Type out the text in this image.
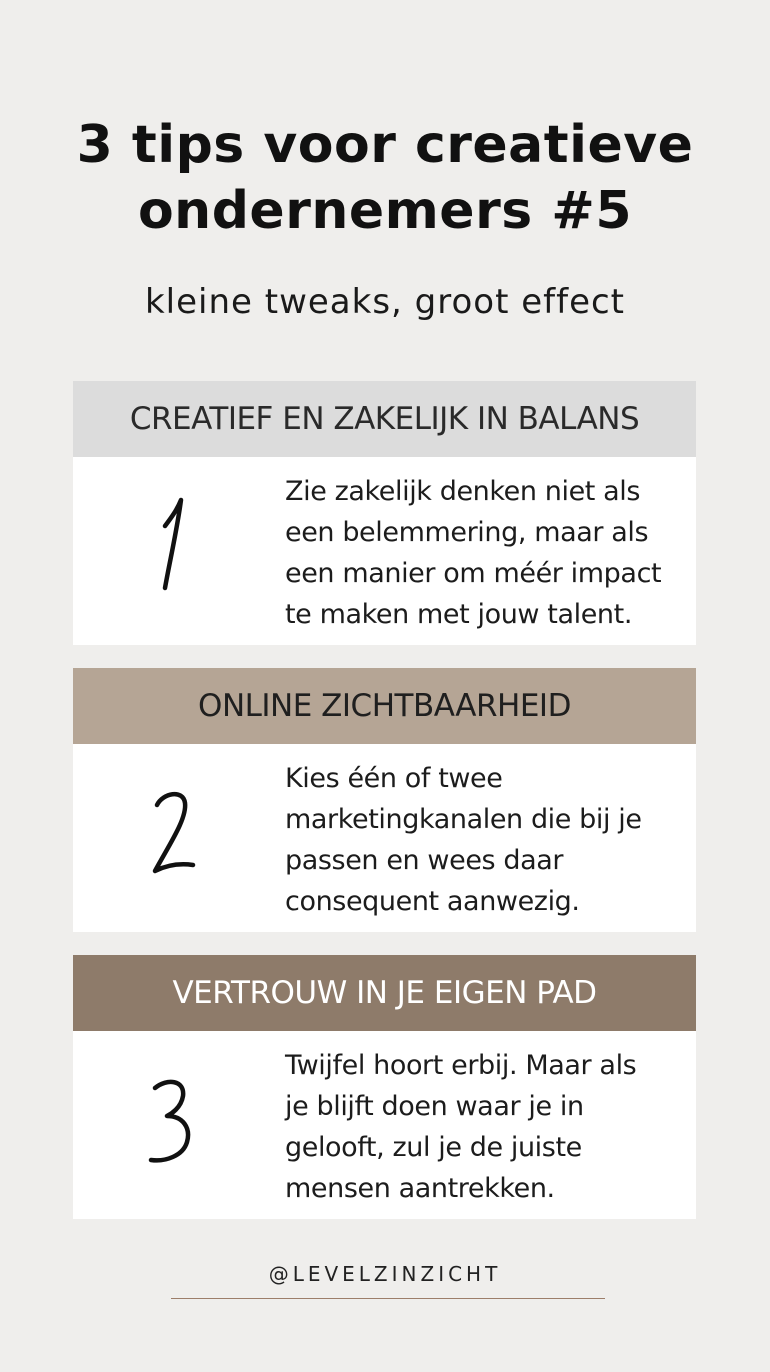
3 tips voor creatieve
ondernemers #5
kleine tweaks, groot effect
CREATIEF EN ZAKELIJK IN BALANS
Zie zakelijk denken niet als
een belemmering, maar als
een manier om méér impact
te maken met jouw talent.
ONLINE ZICHTBAARHEID
Kies één of twee
marketingkanalen die bij je
passen en wees daar
consequent aanwezig.
VERTROUW IN JE EIGEN PAD
Twijfel hoort erbij. Maar als
je blijft doen waar je in
gelooft, zul je de juiste
mensen aantrekken.
@LEVELZINZICHT
